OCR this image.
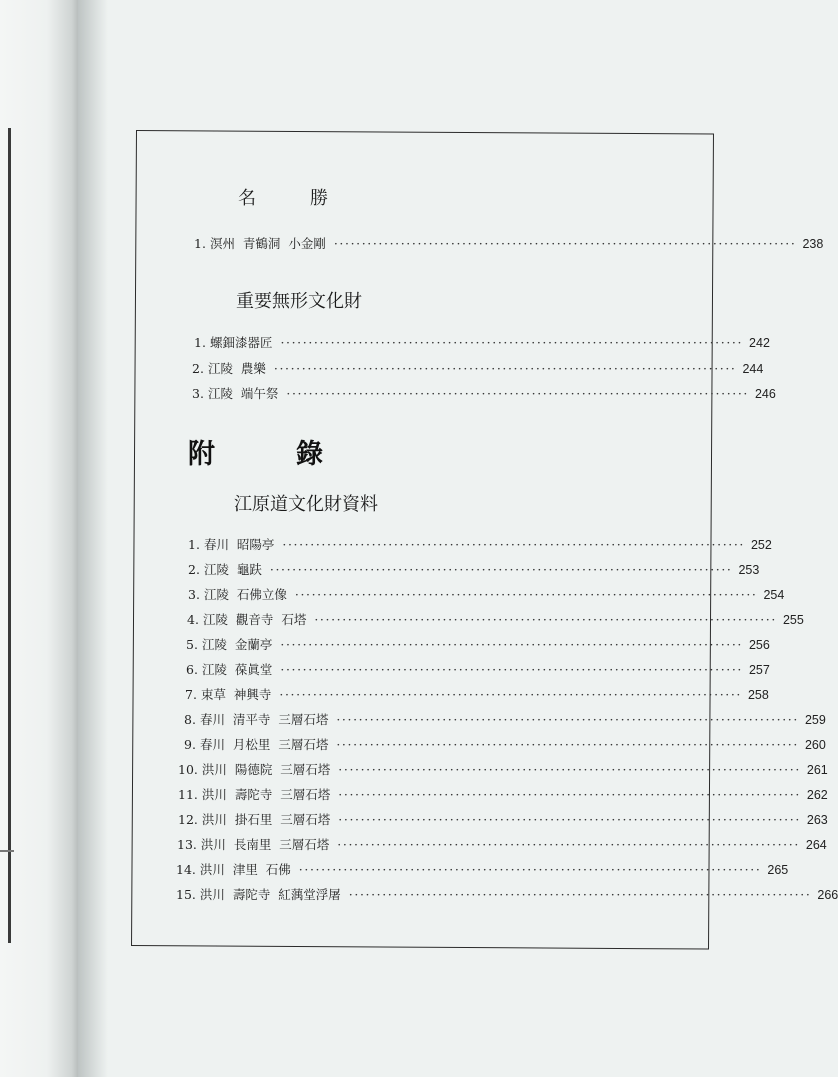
名　　　勝
1. 溟州  青鶴洞  小金剛 ··················································································· 238
重要無形文化財
1. 螺鈿漆器匠 ··················································································· 242
2. 江陵  農樂 ··················································································· 244
3. 江陵  端午祭 ··················································································· 246
附　　　錄
江原道文化財資料
1. 春川  昭陽亭 ··················································································· 252
2. 江陵  龜趺 ··················································································· 253
3. 江陵  石佛立像 ··················································································· 254
4. 江陵  觀音寺  石塔 ··················································································· 255
5. 江陵  金蘭亭 ··················································································· 256
6. 江陵  葆眞堂 ··················································································· 257
7. 束草  神興寺 ··················································································· 258
8. 春川  清平寺  三層石塔 ··················································································· 259
9. 春川  月松里  三層石塔 ··················································································· 260
10. 洪川  陽德院  三層石塔 ··················································································· 261
11. 洪川  壽陀寺  三層石塔 ··················································································· 262
12. 洪川  掛石里  三層石塔 ··················································································· 263
13. 洪川  長南里  三層石塔 ··················································································· 264
14. 洪川  津里  石佛 ··················································································· 265
15. 洪川  壽陀寺  紅蕅堂浮屠 ··················································································· 266
